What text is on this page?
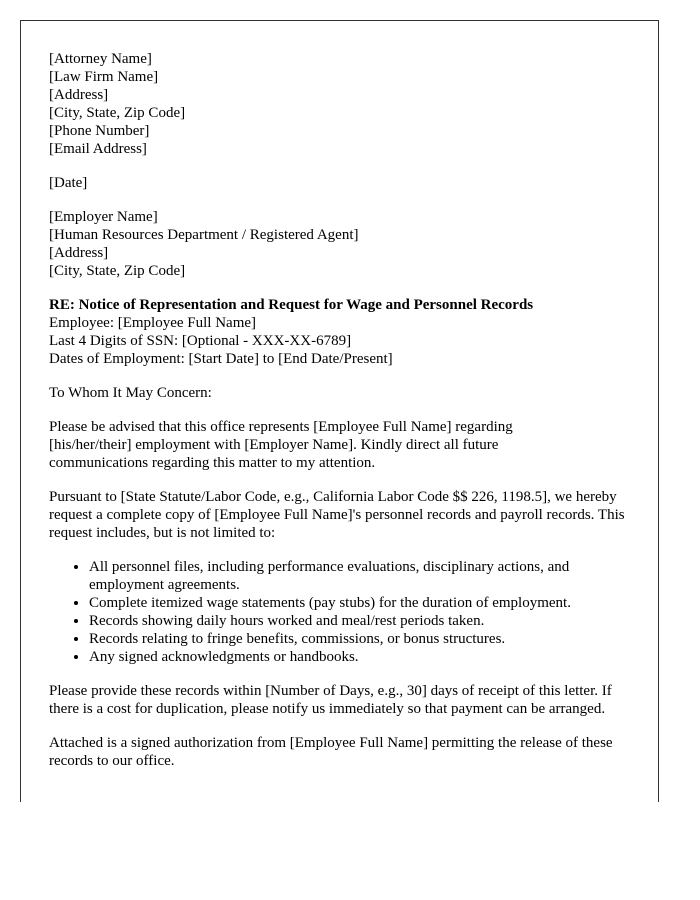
[Attorney Name]
[Law Firm Name]
[Address]
[City, State, Zip Code]
[Phone Number]
[Email Address]
[Date]
[Employer Name]
[Human Resources Department / Registered Agent]
[Address]
[City, State, Zip Code]
RE: Notice of Representation and Request for Wage and Personnel Records
Employee: [Employee Full Name]
Last 4 Digits of SSN: [Optional - XXX-XX-6789]
Dates of Employment: [Start Date] to [End Date/Present]

To Whom It May Concern:

Please be advised that this office represents [Employee Full Name] regarding [his/her/their] employment with [Employer Name]. Kindly direct all future communications regarding this matter to my attention.

Pursuant to [State Statute/Labor Code, e.g., California Labor Code $$ 226, 1198.5], we hereby request a complete copy of [Employee Full Name]'s personnel records and payroll records. This request includes, but is not limited to:

• All personnel files, including performance evaluations, disciplinary actions, and employment agreements.
• Complete itemized wage statements (pay stubs) for the duration of employment.
• Records showing daily hours worked and meal/rest periods taken.
• Records relating to fringe benefits, commissions, or bonus structures.
• Any signed acknowledgments or handbooks.

Please provide these records within [Number of Days, e.g., 30] days of receipt of this letter. If there is a cost for duplication, please notify us immediately so that payment can be arranged.

Attached is a signed authorization from [Employee Full Name] permitting the release of these records to our office.
